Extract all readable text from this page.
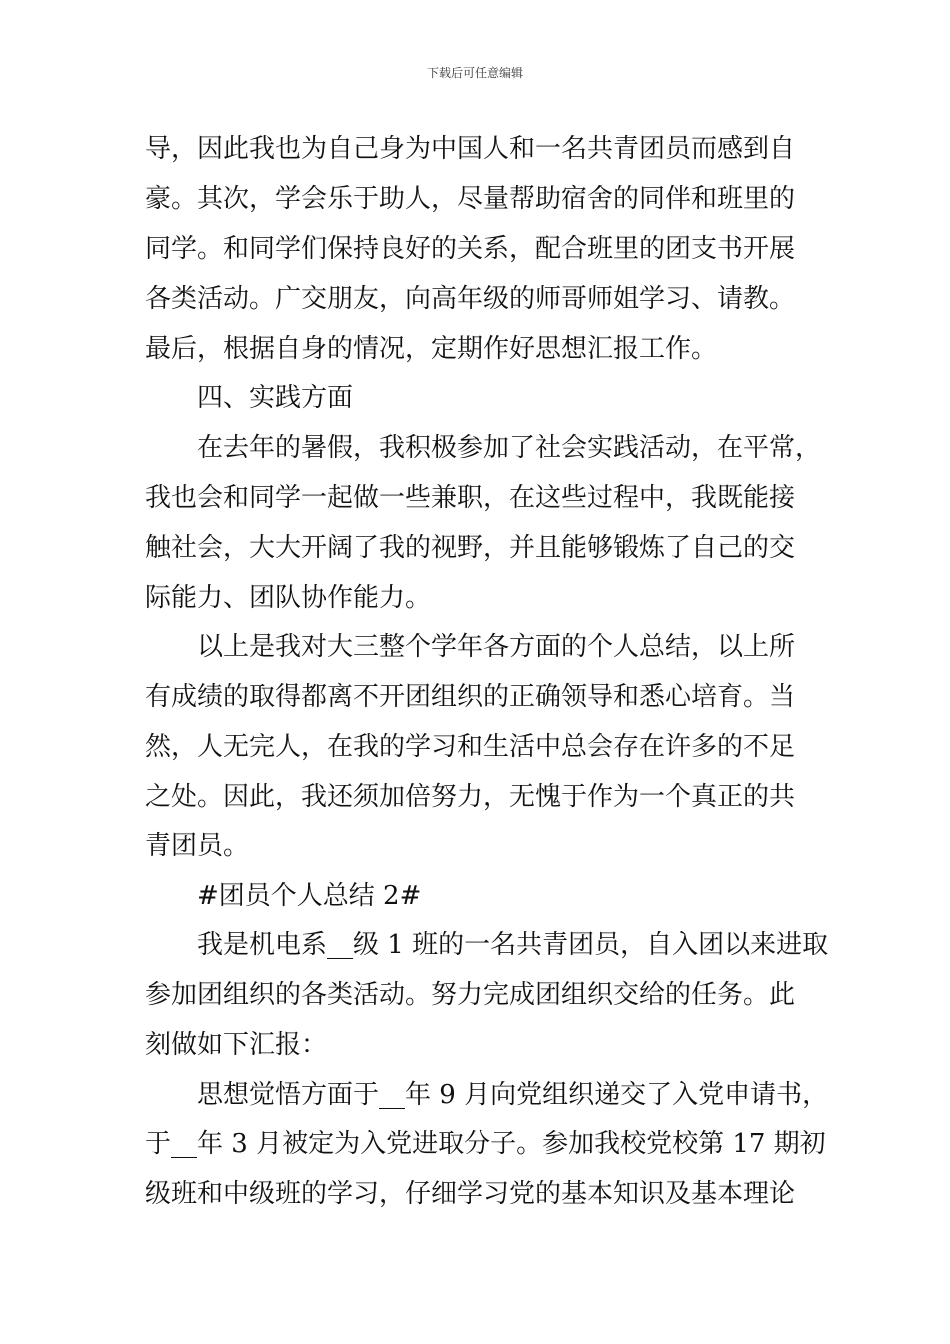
下载后可任意编辑
导，因此我也为自己身为中国人和一名共青团员而感到自
豪。其次，学会乐于助人，尽量帮助宿舍的同伴和班里的
同学。和同学们保持良好的关系，配合班里的团支书开展
各类活动。广交朋友，向高年级的师哥师姐学习、请教。
最后，根据自身的情况，定期作好思想汇报工作。
四、实践方面
在去年的暑假，我积极参加了社会实践活动，在平常，
我也会和同学一起做一些兼职，在这些过程中，我既能接
触社会，大大开阔了我的视野，并且能够锻炼了自己的交
际能力、团队协作能力。
以上是我对大三整个学年各方面的个人总结，以上所
有成绩的取得都离不开团组织的正确领导和悉心培育。当
然，人无完人，在我的学习和生活中总会存在许多的不足
之处。因此，我还须加倍努力，无愧于作为一个真正的共
青团员。
#团员个人总结 2#
我是机电系__级 1 班的一名共青团员，自入团以来进取
参加团组织的各类活动。努力完成团组织交给的任务。此
刻做如下汇报：
思想觉悟方面于__年 9 月向党组织递交了入党申请书，
于__年 3 月被定为入党进取分子。参加我校党校第 17 期初
级班和中级班的学习，仔细学习党的基本知识及基本理论
